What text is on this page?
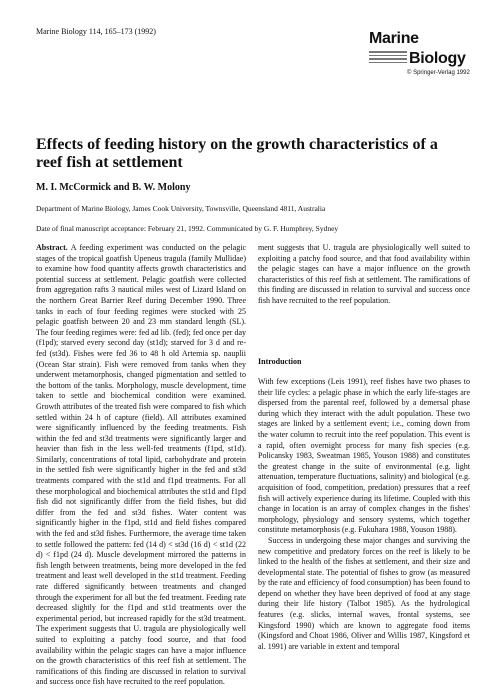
Marine Biology 114, 165–173 (1992)	Marine
Biology
© Springer-Verlag 1992
Effects of feeding history on the growth characteristics of a reef fish at settlement
M. I. McCormick and B. W. Molony
Department of Marine Biology, James Cook University, Townsville, Queensland 4811, Australia
Date of final manuscript acceptance: February 21, 1992. Communicated by G. F. Humphrey, Sydney

Abstract. A feeding experiment was conducted on the pelagic stages of the tropical goatfish Upeneus tragula (family Mullidae) to examine how food quantity affects growth characteristics and potential success at settlement. Pelagic goatfish were collected from aggregation rafts 3 nautical miles west of Lizard Island on the northern Great Barrier Reef during December 1990. Three tanks in each of four feeding regimes were stocked with 25 pelagic goatfish between 20 and 23 mm standard length (SL). The four feeding regimes were: fed ad lib. (fed); fed once per day (f1pd); starved every second day (st1d); starved for 3 d and re-fed (st3d). Fishes were fed 36 to 48 h old Artemia sp. nauplii (Ocean Star strain). Fish were removed from tanks when they underwent metamorphosis, changed pigmentation and settled to the bottom of the tanks. Morphology, muscle development, time taken to settle and biochemical condition were examined. Growth attributes of the treated fish were compared to fish which settled within 24 h of capture (field). All attributes examined were significantly influenced by the feeding treatments. Fish within the fed and st3d treatments were significantly larger and heavier than fish in the less well-fed treatments (f1pd, st1d). Similarly, concentrations of total lipid, carbohydrate and protein in the settled fish were significantly higher in the fed and st3d treatments compared with the st1d and f1pd treatments. For all these morphological and biochemical attributes the st1d and f1pd fish did not significantly differ from the field fishes, but did differ from the fed and st3d fishes. Water content was significantly higher in the f1pd, st1d and field fishes compared with the fed and st3d fishes. Furthermore, the average time taken to settle followed the pattern: fed (14 d) < st3d (16 d) < st1d (22 d) < f1pd (24 d). Muscle development mirrored the patterns in fish length between treatments, being more developed in the fed treatment and least well developed in the st1d treatment. Feeding rate differed significantly between treatments and changed through the experiment for all but the fed treatment. Feeding rate decreased slightly for the f1pd and st1d treatments over the experimental period, but increased rapidly for the st3d treatment. The experiment suggests that U. tragula are physiologically well suited to exploiting a patchy food source, and that food availability within the pelagic stages can have a major influence on the growth characteristics of this reef fish at settlement. The ramifications of this finding are discussed in relation to survival and success once fish have recruited to the reef population.

ment suggests that U. tragula are physiologically well suited to exploiting a patchy food source, and that food availability within the pelagic stages can have a major influence on the growth characteristics of this reef fish at settlement. The ramifications of this finding are discussed in relation to survival and success once fish have recruited to the reef population.

Introduction

With few exceptions (Leis 1991), reef fishes have two phases to their life cycles: a pelagic phase in which the early life-stages are dispersed from the parental reef, followed by a demersal phase during which they interact with the adult population. These two stages are linked by a settlement event; i.e., coming down from the water column to recruit into the reef population. This event is a rapid, often overnight process for many fish species (e.g. Policansky 1983, Sweatman 1985, Youson 1988) and constitutes the greatest change in the suite of environmental (e.g. light attenuation, temperature fluctuations, salinity) and biological (e.g. acquisition of food, competition, predation) pressures that a reef fish will actively experience during its lifetime. Coupled with this change in location is an array of complex changes in the fishes' morphology, physiology and sensory systems, which together constitute metamorphosis (e.g. Fukuhara 1988, Youson 1988).

Success in undergoing these major changes and surviving the new competitive and predatory forces on the reef is likely to be linked to the health of the fishes at settlement, and their size and developmental state. The potential of fishes to grow (as measured by the rate and efficiency of food consumption) has been found to depend on whether they have been deprived of food at any stage during their life history (Talbot 1985). As the hydrological features (e.g. slicks, internal waves, frontal systems, see Kingsford 1990) which are known to aggregate food items (Kingsford and Choat 1986, Oliver and Willis 1987, Kingsford et al. 1991) are variable in extent and temporal
